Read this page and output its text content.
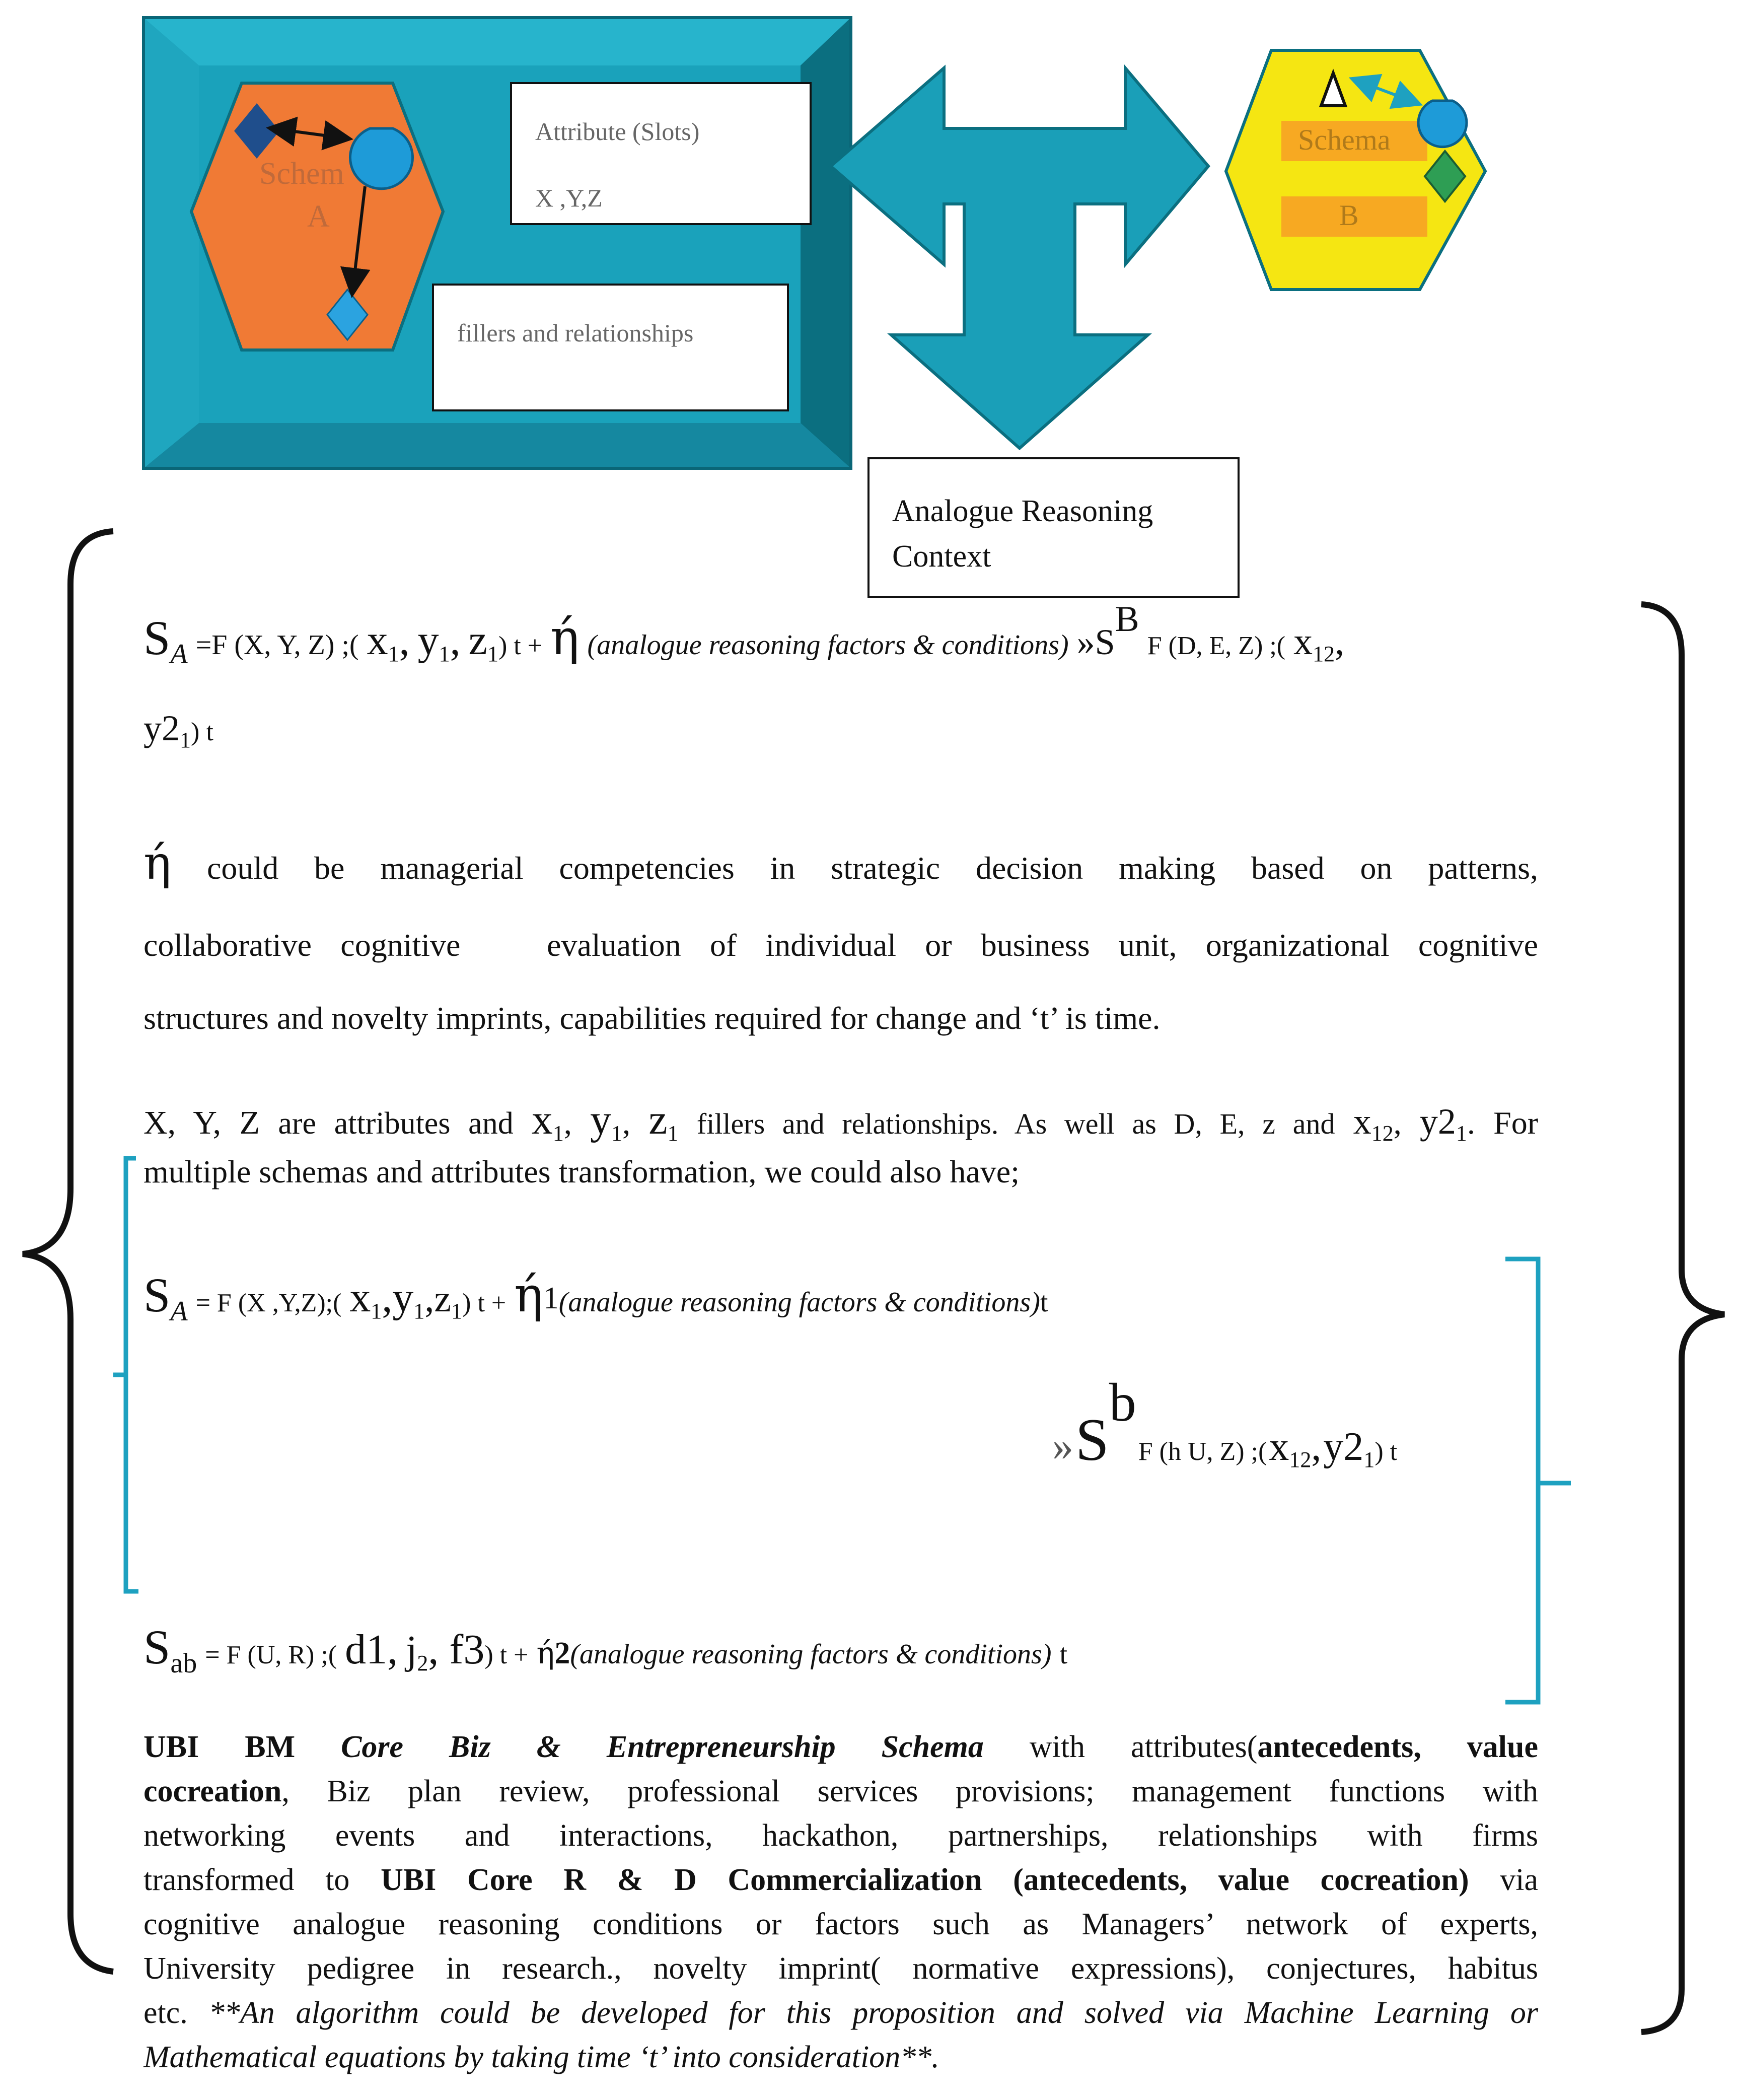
Schem
A
Attribute (Slots)
X ,Y,Z
fillers and relationships
Schema
B
Analogue Reasoning
Context
SA =F (X, Y, Z) ;( $x_1$, $y_1$, $z_1$) t + ή (analogue reasoning factors & conditions) »SB F (D, E, Z) ;( $x_{12}$,
$y2_1$) t
ή could be managerial competencies in strategic decision making based on patterns,
collaborative cognitive   evaluation of individual or business unit, organizational cognitive
structures and novelty imprints, capabilities required for change and ‘t’ is time.
X, Y, Z are attributes and $x_1$, $y_1$, $z_1$ fillers and relationships. As well as D, E, z and $x_{12}$, $y2_1$. For
multiple schemas and attributes transformation, we could also have;
SA = F (X ,Y,Z);( $x_1,y_1,z_1$) t + ή1(analogue reasoning factors & conditions)t
» Sb F (h U, Z) ;( x12, y21) t
Sab = F (U, R) ;( d1, $j_2$, f3) t + ή2(analogue reasoning factors & conditions) t
UBI BM Core Biz & Entrepreneurship Schema with attributes(antecedents, value
cocreation, Biz plan review, professional services provisions; management functions with
networking events and interactions, hackathon, partnerships, relationships with firms
transformed to UBI Core R & D Commercialization (antecedents, value cocreation) via
cognitive analogue reasoning conditions or factors such as Managers’ network of experts,
University pedigree in research., novelty imprint( normative expressions), conjectures, habitus
etc. **An algorithm could be developed for this proposition and solved via Machine Learning or
Mathematical equations by taking time ‘t’ into consideration**.
